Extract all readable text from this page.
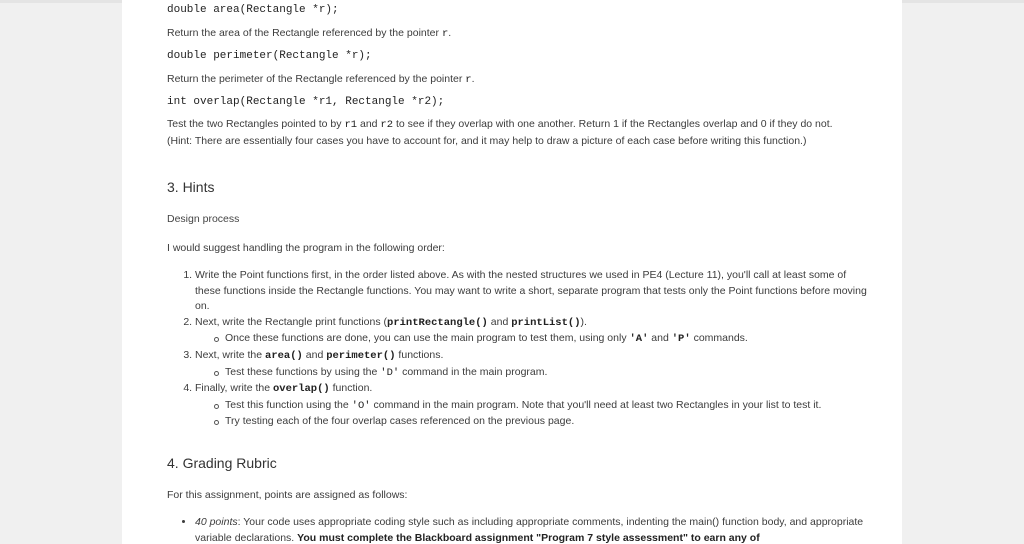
double area(Rectangle *r);
Return the area of the Rectangle referenced by the pointer r.
double perimeter(Rectangle *r);
Return the perimeter of the Rectangle referenced by the pointer r.
int overlap(Rectangle *r1, Rectangle *r2);
Test the two Rectangles pointed to by r1 and r2 to see if they overlap with one another. Return 1 if the Rectangles overlap and 0 if they do not. (Hint: There are essentially four cases you have to account for, and it may help to draw a picture of each case before writing this function.)
3. Hints
Design process
I would suggest handling the program in the following order:
1. Write the Point functions first, in the order listed above. As with the nested structures we used in PE4 (Lecture 11), you'll call at least some of these functions inside the Rectangle functions. You may want to write a short, separate program that tests only the Point functions before moving on.
2. Next, write the Rectangle print functions (printRectangle() and printList()).
Once these functions are done, you can use the main program to test them, using only 'A' and 'P' commands.
3. Next, write the area() and perimeter() functions.
Test these functions by using the 'D' command in the main program.
4. Finally, write the overlap() function.
Test this function using the 'O' command in the main program. Note that you'll need at least two Rectangles in your list to test it.
Try testing each of the four overlap cases referenced on the previous page.
4. Grading Rubric
For this assignment, points are assigned as follows:
• 40 points: Your code uses appropriate coding style such as including appropriate comments, indenting the main() function body, and appropriate variable declarations. You must complete the Blackboard assignment "Program 7 style assessment" to earn any of
